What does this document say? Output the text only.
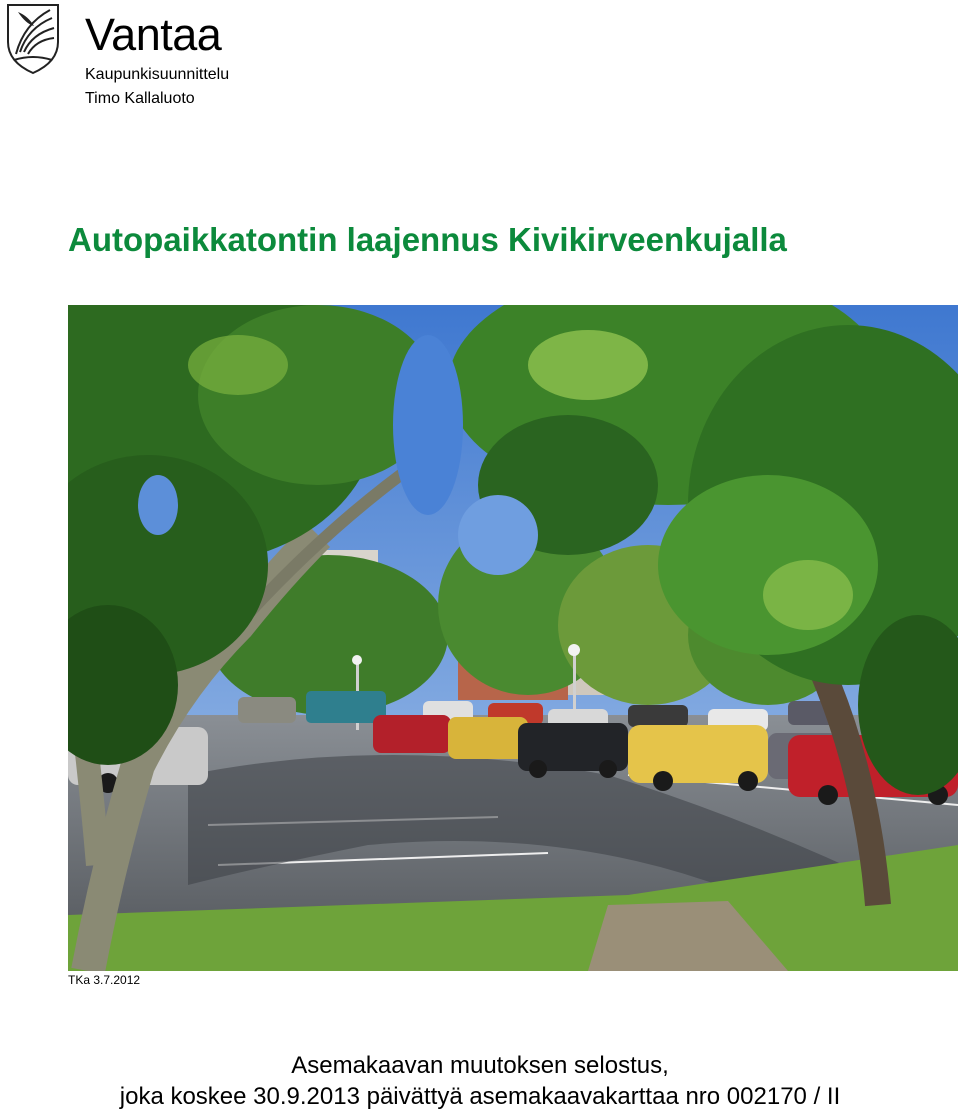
Vantaa
Kaupunkisuunnittelu
Timo Kallaluoto
Autopaikkatontin laajennus Kivikirveenkujalla
TKa 3.7.2012
Asemakaavan muutoksen selostus,
joka koskee 30.9.2013 päivättyä asemakaavakarttaa nro 002170 / II
